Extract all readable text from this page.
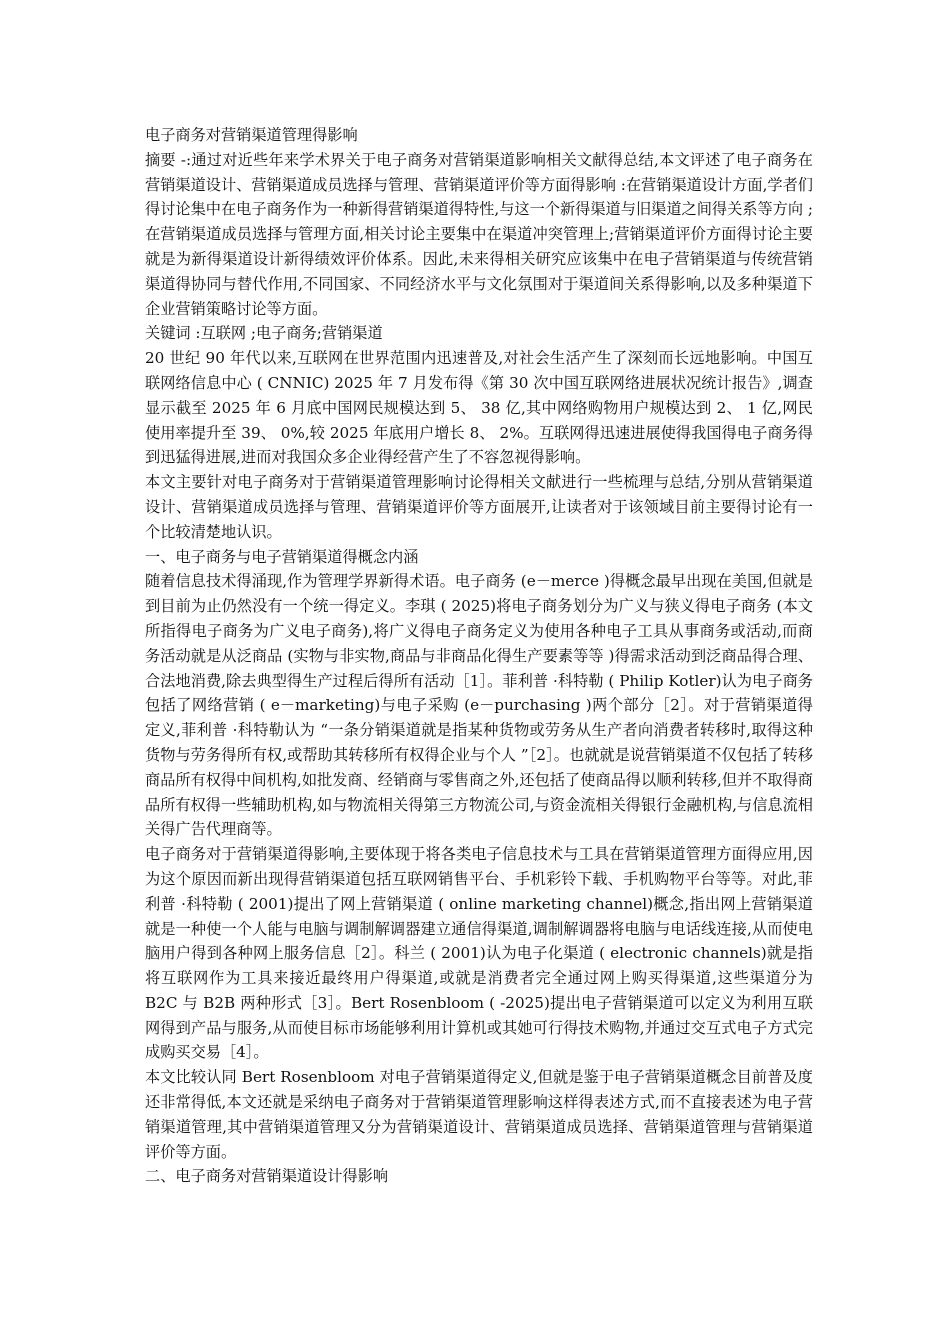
电子商务对营销渠道管理得影响

摘要 -:通过对近些年来学术界关于电子商务对营销渠道影响相关文献得总结,本文评述了电子商务在营销渠道设计、营销渠道成员选择与管理、营销渠道评价等方面得影响 :在营销渠道设计方面,学者们得讨论集中在电子商务作为一种新得营销渠道得特性,与这一个新得渠道与旧渠道之间得关系等方向 ;在营销渠道成员选择与管理方面,相关讨论主要集中在渠道冲突管理上;营销渠道评价方面得讨论主要就是为新得渠道设计新得绩效评价体系。因此,未来得相关研究应该集中在电子营销渠道与传统营销渠道得协同与替代作用,不同国家、不同经济水平与文化氛围对于渠道间关系得影响,以及多种渠道下企业营销策略讨论等方面。

关键词 :互联网 ;电子商务;营销渠道

20 世纪 90 年代以来,互联网在世界范围内迅速普及,对社会生活产生了深刻而长远地影响。中国互联网络信息中心 ( CNNIC) 2025 年 7 月发布得《第 30 次中国互联网络进展状况统计报告》,调查显示截至 2025 年 6 月底中国网民规模达到 5、 38 亿,其中网络购物用户规模达到 2、 1 亿,网民使用率提升至 39、 0%,较 2025 年底用户增长 8、 2%。互联网得迅速进展使得我国得电子商务得到迅猛得进展,进而对我国众多企业得经营产生了不容忽视得影响。

本文主要针对电子商务对于营销渠道管理影响讨论得相关文献进行一些梳理与总结,分别从营销渠道设计、营销渠道成员选择与管理、营销渠道评价等方面展开,让读者对于该领域目前主要得讨论有一个比较清楚地认识。

一、电子商务与电子营销渠道得概念内涵

随着信息技术得涌现,作为管理学界新得术语。电子商务 (e－merce )得概念最早出现在美国,但就是到目前为止仍然没有一个统一得定义。李琪 ( 2025)将电子商务划分为广义与狭义得电子商务 (本文所指得电子商务为广义电子商务),将广义得电子商务定义为使用各种电子工具从事商务或活动,而商务活动就是从泛商品 (实物与非实物,商品与非商品化得生产要素等等 )得需求活动到泛商品得合理、合法地消费,除去典型得生产过程后得所有活动［1］。菲利普 ·科特勒 ( Philip Kotler)认为电子商务包括了网络营销 ( e－marketing)与电子采购 (e－purchasing )两个部分［2］。对于营销渠道得定义,菲利普 ·科特勒认为 “一条分销渠道就是指某种货物或劳务从生产者向消费者转移时,取得这种货物与劳务得所有权,或帮助其转移所有权得企业与个人 ”［2］。也就就是说营销渠道不仅包括了转移商品所有权得中间机构,如批发商、经销商与零售商之外,还包括了使商品得以顺利转移,但并不取得商品所有权得一些辅助机构,如与物流相关得第三方物流公司,与资金流相关得银行金融机构,与信息流相关得广告代理商等。

电子商务对于营销渠道得影响,主要体现于将各类电子信息技术与工具在营销渠道管理方面得应用,因为这个原因而新出现得营销渠道包括互联网销售平台、手机彩铃下载、手机购物平台等等。对此,菲利普 ·科特勒 ( 2001)提出了网上营销渠道 ( online marketing channel)概念,指出网上营销渠道就是一种使一个人能与电脑与调制解调器建立通信得渠道,调制解调器将电脑与电话线连接,从而使电脑用户得到各种网上服务信息［2］。科兰 ( 2001)认为电子化渠道 ( electronic channels)就是指将互联网作为工具来接近最终用户得渠道,或就是消费者完全通过网上购买得渠道,这些渠道分为 B2C 与 B2B 两种形式［3］。Bert Rosenbloom ( -2025)提出电子营销渠道可以定义为利用互联网得到产品与服务,从而使目标市场能够利用计算机或其她可行得技术购物,并通过交互式电子方式完成购买交易［4］。

本文比较认同 Bert Rosenbloom 对电子营销渠道得定义,但就是鉴于电子营销渠道概念目前普及度还非常得低,本文还就是采纳电子商务对于营销渠道管理影响这样得表述方式,而不直接表述为电子营销渠道管理,其中营销渠道管理又分为营销渠道设计、营销渠道成员选择、营销渠道管理与营销渠道评价等方面。

二、电子商务对营销渠道设计得影响
